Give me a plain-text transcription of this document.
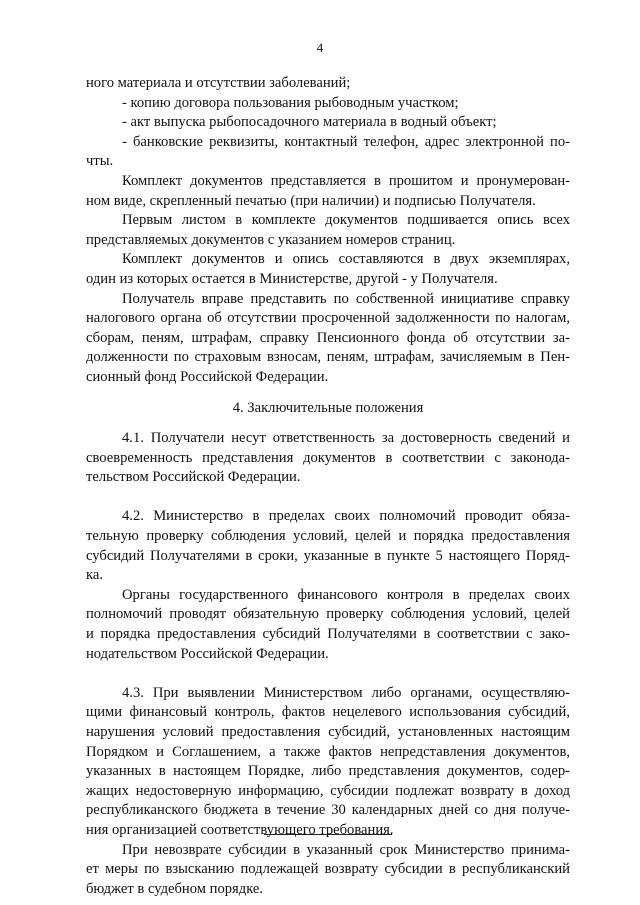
4
ного материала и отсутствии заболеваний;
- копию договора пользования рыбоводным участком;
- акт выпуска рыбопосадочного материала в водный объект;
- банковские реквизиты, контактный телефон, адрес электронной по-
чты.
Комплект документов представляется в прошитом и пронумерован-
ном виде, скрепленный печатью (при наличии) и подписью Получателя.
Первым листом в комплекте документов подшивается опись всех
представляемых документов с указанием номеров страниц.
Комплект документов и опись составляются в двух экземплярах,
один из которых остается в Министерстве, другой - у Получателя.
Получатель вправе представить по собственной инициативе справку
налогового органа об отсутствии просроченной задолженности по налогам,
сборам, пеням, штрафам, справку Пенсионного фонда об отсутствии за-
долженности по страховым взносам, пеням, штрафам, зачисляемым в Пен-
сионный фонд Российской Федерации.
4. Заключительные положения
4.1. Получатели несут ответственность за достоверность сведений и
своевременность представления документов в соответствии с законода-
тельством Российской Федерации.
4.2. Министерство в пределах своих полномочий проводит обяза-
тельную проверку соблюдения условий, целей и порядка предоставления
субсидий Получателями в сроки, указанные в пункте 5 настоящего Поряд-
ка.
Органы государственного финансового контроля в пределах своих
полномочий проводят обязательную проверку соблюдения условий, целей
и порядка предоставления субсидий Получателями в соответствии с зако-
нодательством Российской Федерации.
4.3. При выявлении Министерством либо органами, осуществляю-
щими финансовый контроль, фактов нецелевого использования субсидий,
нарушения условий предоставления субсидий, установленных настоящим
Порядком и Соглашением, а также фактов непредставления документов,
указанных в настоящем Порядке, либо представления документов, содер-
жащих недостоверную информацию, субсидии подлежат возврату в доход
республиканского бюджета в течение 30 календарных дней со дня получе-
ния организацией соответствующего требования.
При невозврате субсидии в указанный срок Министерство принима-
ет меры по взысканию подлежащей возврату субсидии в республиканский
бюджет в судебном порядке.
